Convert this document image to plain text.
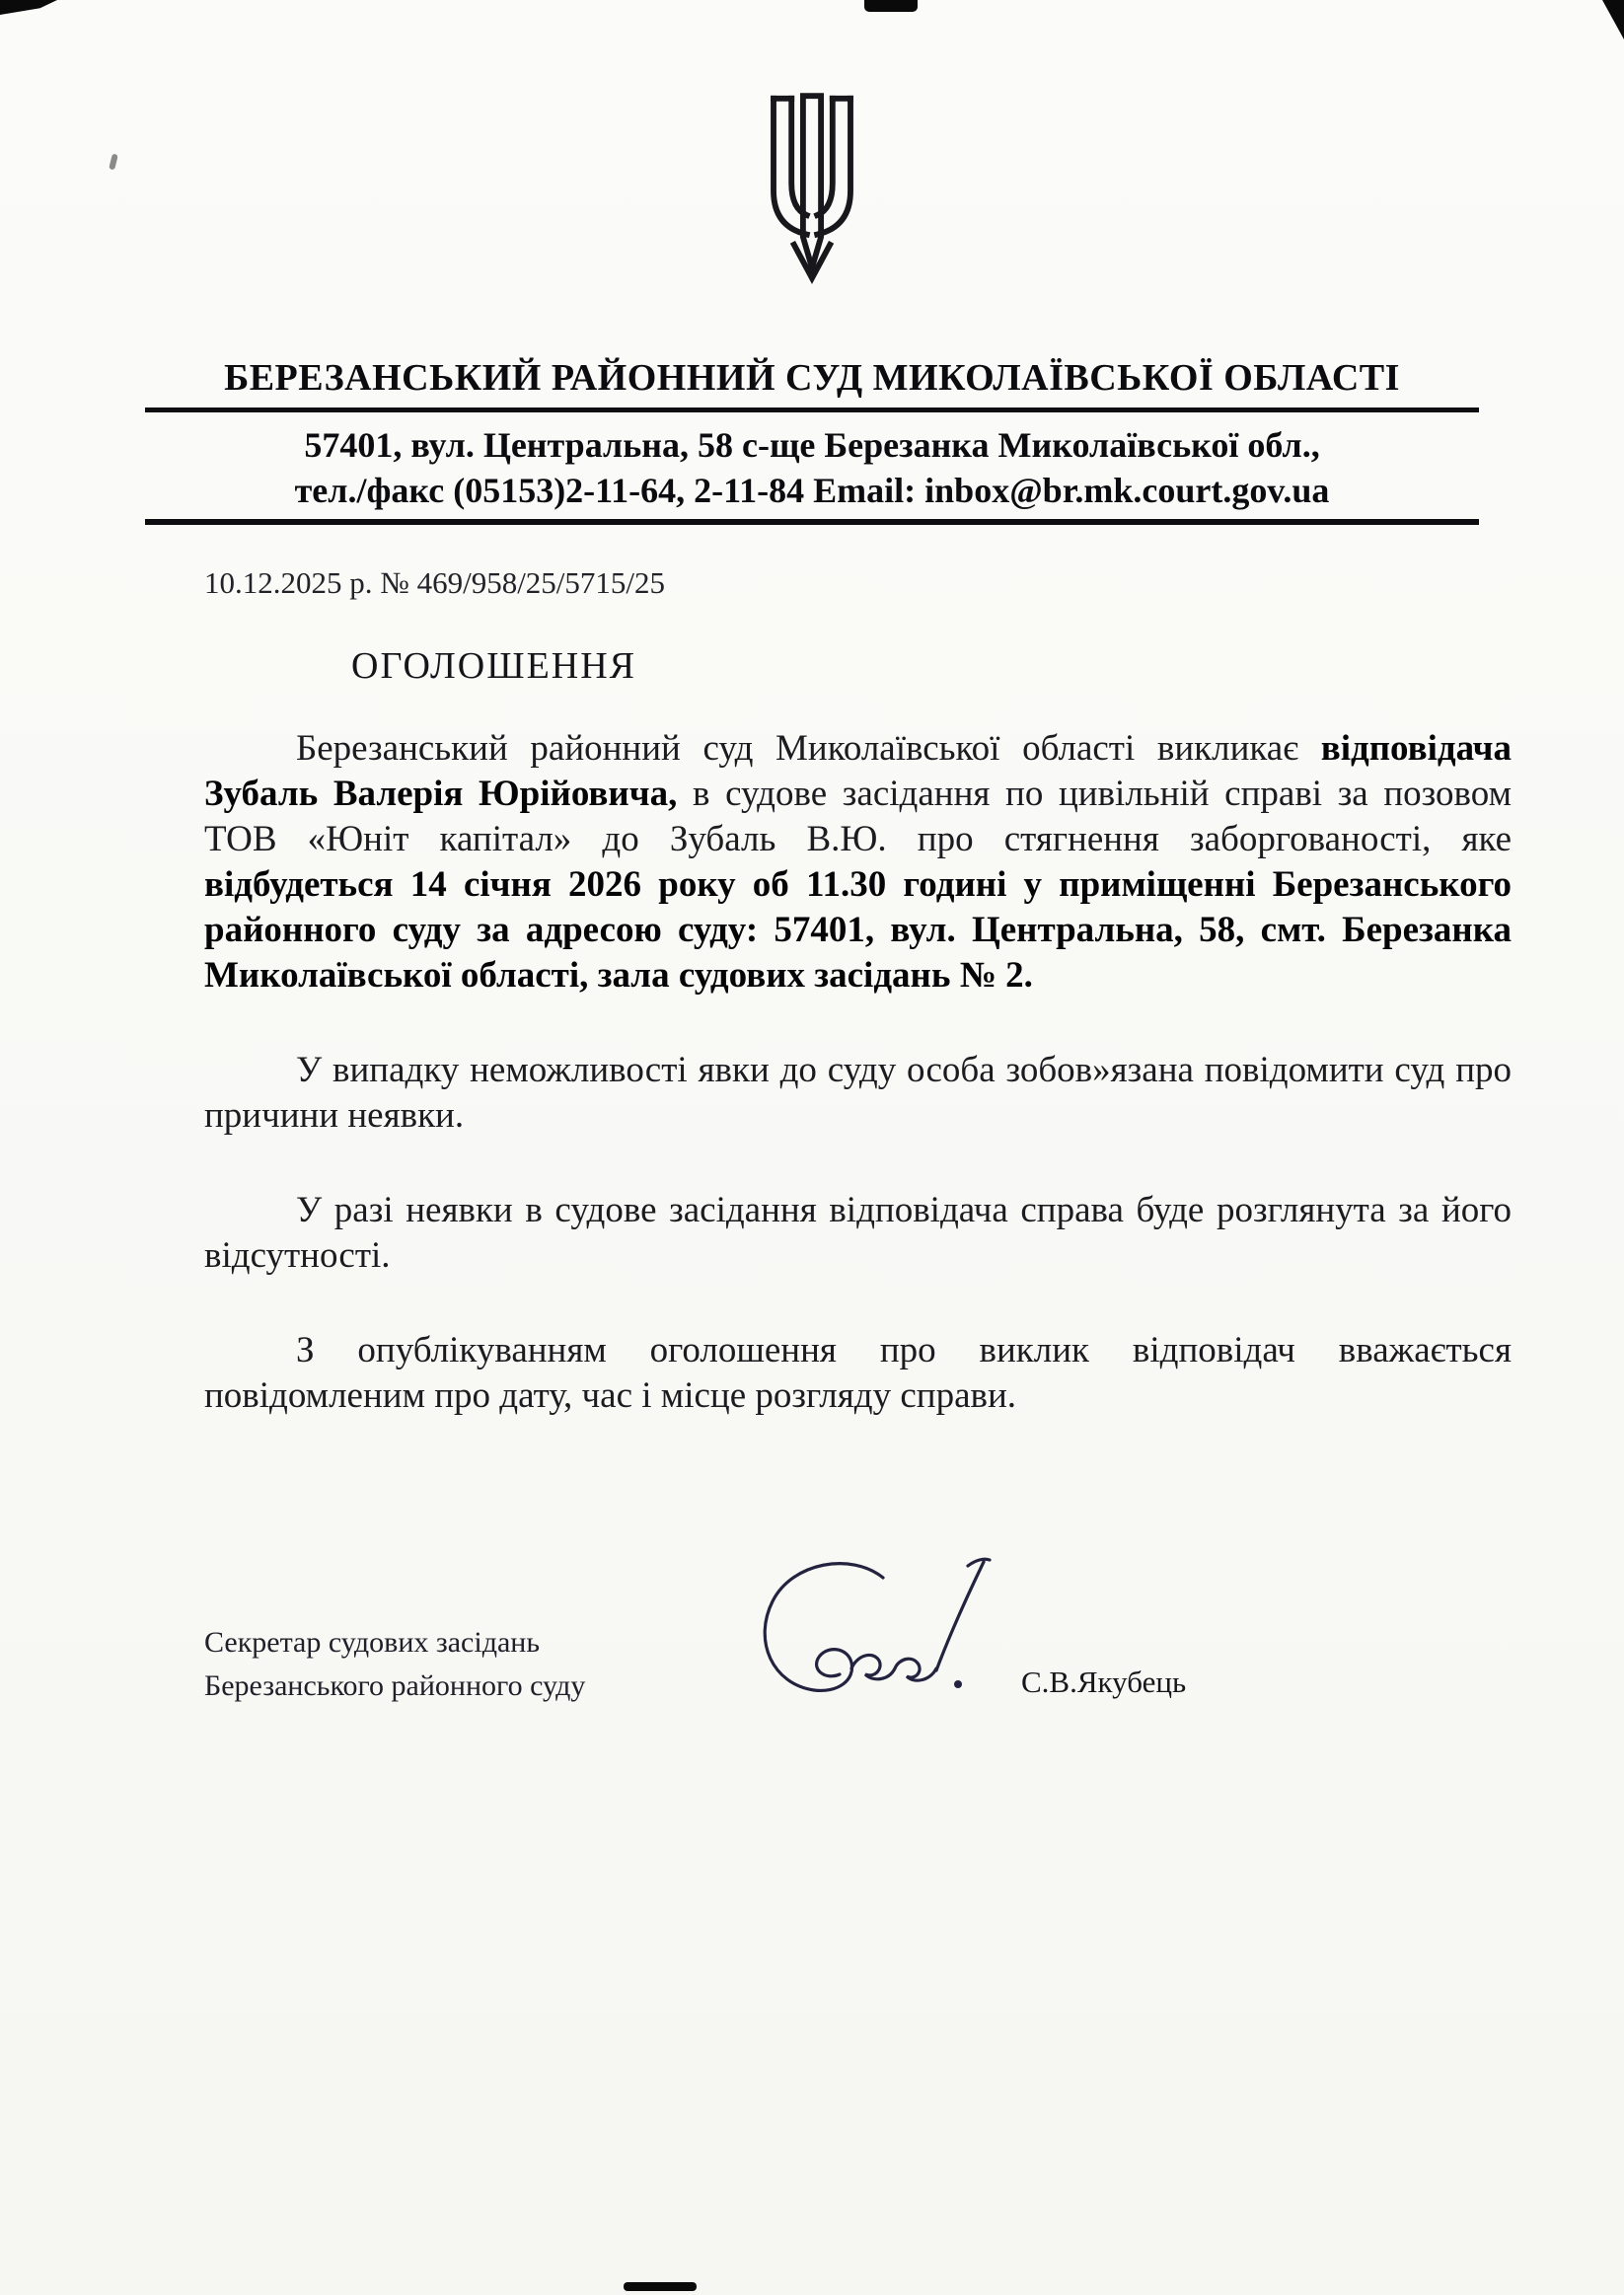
БЕРЕЗАНСЬКИЙ РАЙОННИЙ СУД МИКОЛАЇВСЬКОЇ ОБЛАСТІ
57401, вул. Центральна, 58 с-ще Березанка Миколаївської обл.,
тел./факс (05153)2-11-64, 2-11-84 Email: inbox@br.mk.court.gov.ua
10.12.2025 р. № 469/958/25/5715/25
ОГОЛОШЕННЯ

Березанський районний суд Миколаївської області викликає відповідача Зубаль Валерія Юрійовича, в судове засідання по цивільній справі за позовом ТОВ «Юніт капітал» до Зубаль В.Ю. про стягнення заборгованості, яке відбудеться 14 січня 2026 року об 11.30 годині у приміщенні Березанського районного суду за адресою суду: 57401, вул. Центральна, 58, смт. Березанка Миколаївської області, зала судових засідань № 2.

У випадку неможливості явки до суду особа зобов»язана повідомити суд про причини неявки.

У разі неявки в судове засідання відповідача справа буде розглянута за його відсутності.

З опублікуванням оголошення про виклик відповідач вважається повідомленим про дату, час і місце розгляду справи.

Секретар судових засідань
Березанського районного суду	С.В.Якубець
